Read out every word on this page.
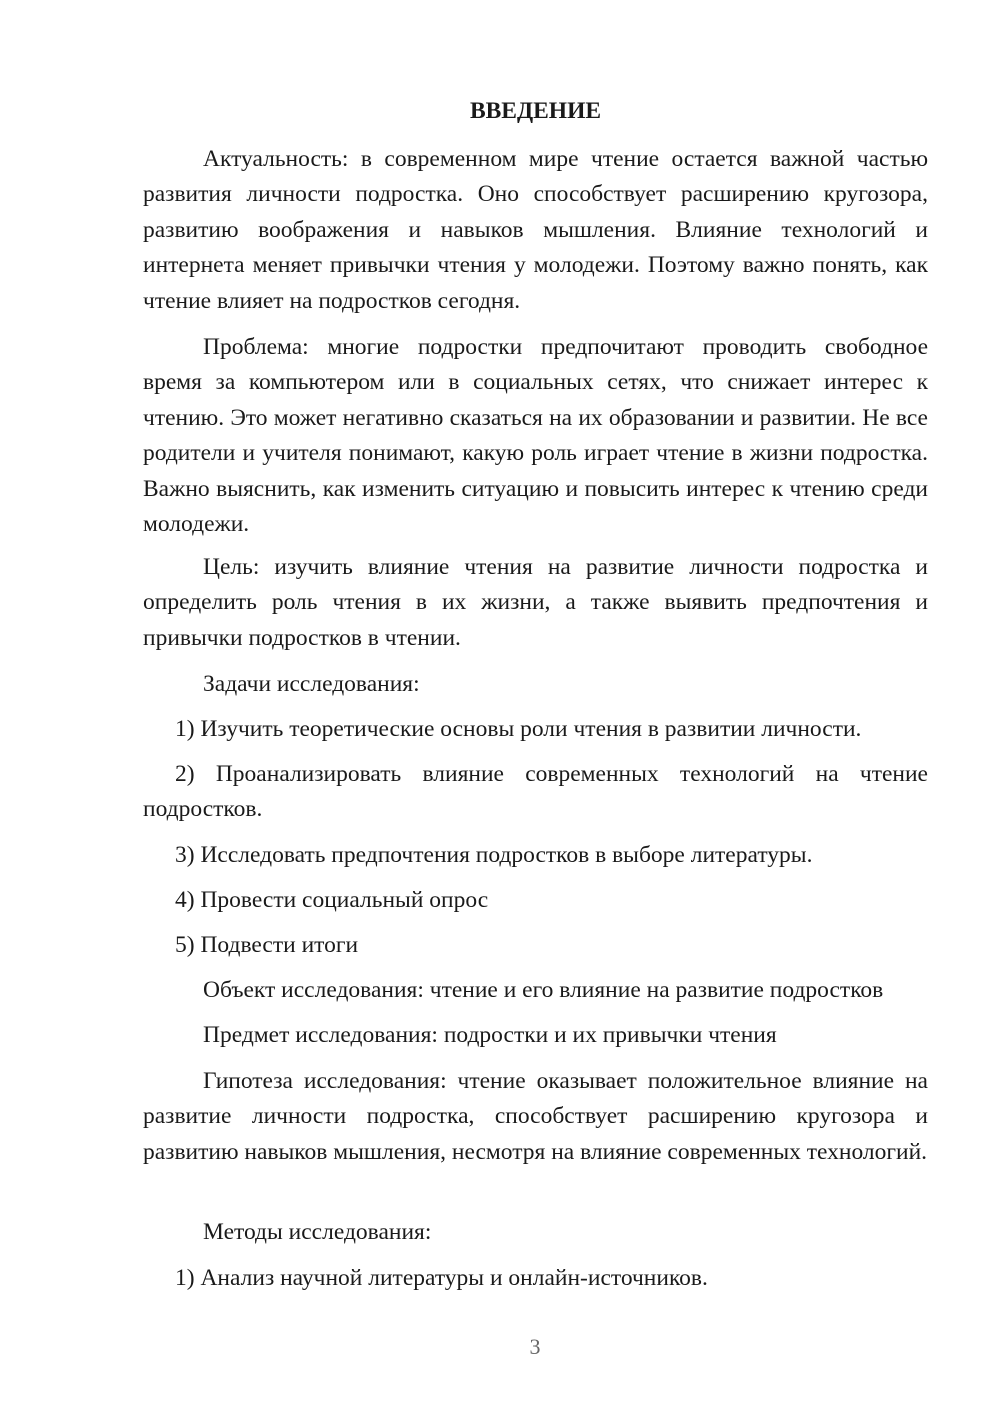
ВВЕДЕНИЕ

Актуальность: в современном мире чтение остается важной частью развития личности подростка. Оно способствует расширению кругозора, развитию воображения и навыков мышления. Влияние технологий и интернета меняет привычки чтения у молодежи. Поэтому важно понять, как чтение влияет на подростков сегодня.

Проблема: многие подростки предпочитают проводить свободное время за компьютером или в социальных сетях, что снижает интерес к чтению. Это может негативно сказаться на их образовании и развитии. Не все родители и учителя понимают, какую роль играет чтение в жизни подростка. Важно выяснить, как изменить ситуацию и повысить интерес к чтению среди молодежи.

Цель: изучить влияние чтения на развитие личности подростка и определить роль чтения в их жизни, а также выявить предпочтения и привычки подростков в чтении.

Задачи исследования:

1) Изучить теоретические основы роли чтения в развитии личности.

2) Проанализировать влияние современных технологий на чтение подростков.

3) Исследовать предпочтения подростков в выборе литературы.

4) Провести социальный опрос

5) Подвести итоги

Объект исследования: чтение и его влияние на развитие подростков

Предмет исследования: подростки и их привычки чтения

Гипотеза исследования: чтение оказывает положительное влияние на развитие личности подростка, способствует расширению кругозора и развитию навыков мышления, несмотря на влияние современных технологий.

Методы исследования:

1) Анализ научной литературы и онлайн-источников.

3
